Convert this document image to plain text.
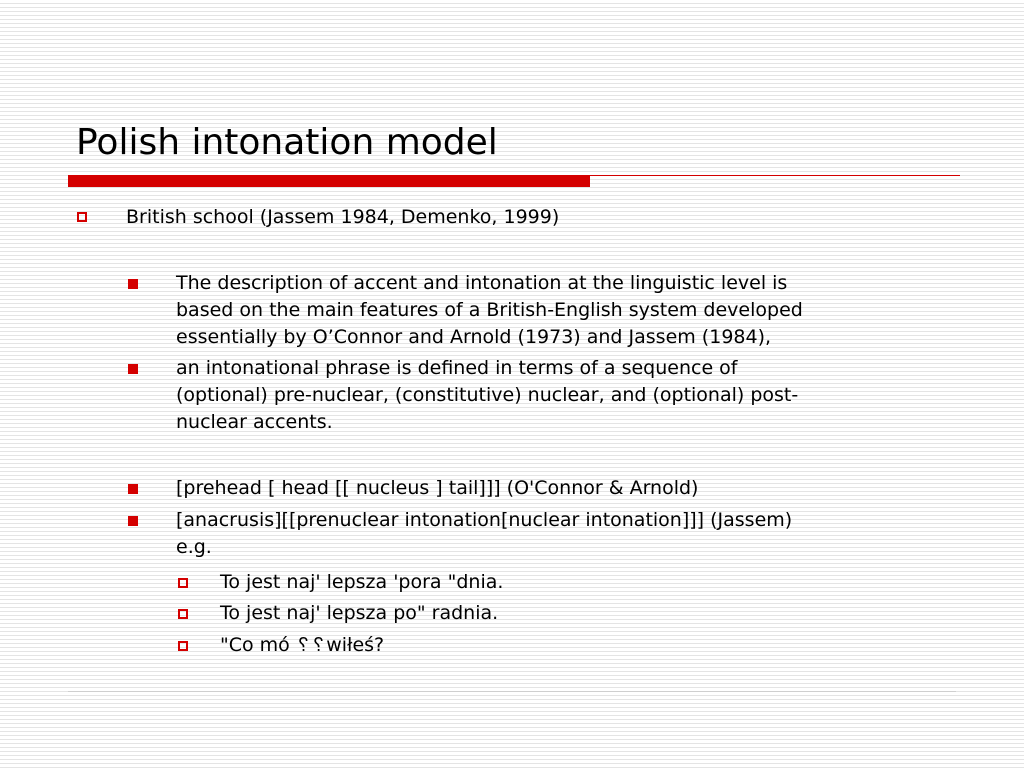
Polish intonation model
British school (Jassem 1984, Demenko, 1999)
The description of accent and intonation at the linguistic level is
based on the main features of a British-English system developed
essentially by O’Connor and Arnold (1973) and Jassem (1984),
an intonational phrase is defined in terms of a sequence of
(optional) pre-nuclear, (constitutive) nuclear, and (optional) post-
nuclear accents.
[prehead [ head [[ nucleus ] tail]]] (O'Connor & Arnold)
[anacrusis][[prenuclear intonation[nuclear intonation]]] (Jassem)
e.g.
To jest naj' lepsza 'pora "dnia.
To jest naj' lepsza po" radnia.
"Co mó ␦␦wiłeś?
